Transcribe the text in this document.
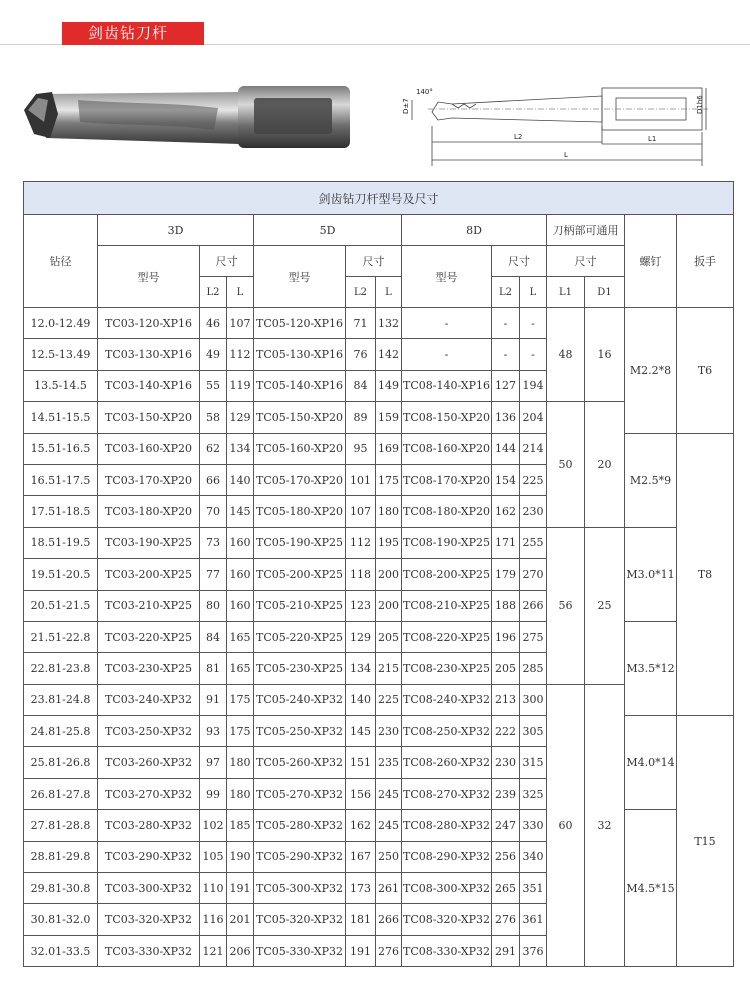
剑齿钻刀杆
D±7
140°
L2	L1
L
D1h6
剑齿钻刀杆型号及尺寸													
钻径	3D			5D			8D			刀柄部可通用		螺钉	扳手
	型号	尺寸		型号	尺寸		型号	尺寸		尺寸			
		L2	L		L2	L		L2	L	L1	D1		
12.0-12.49	TC03-120-XP16	46	107	TC05-120-XP16	71	132	-	-	-	48	16	M2.2*8	T6
12.5-13.49	TC03-130-XP16	49	112	TC05-130-XP16	76	142	-	-	-				
13.5-14.5	TC03-140-XP16	55	119	TC05-140-XP16	84	149	TC08-140-XP16	127	194				
14.51-15.5	TC03-150-XP20	58	129	TC05-150-XP20	89	159	TC08-150-XP20	136	204	50	20		
15.51-16.5	TC03-160-XP20	62	134	TC05-160-XP20	95	169	TC08-160-XP20	144	214			M2.5*9	T8
16.51-17.5	TC03-170-XP20	66	140	TC05-170-XP20	101	175	TC08-170-XP20	154	225				
17.51-18.5	TC03-180-XP20	70	145	TC05-180-XP20	107	180	TC08-180-XP20	162	230				
18.51-19.5	TC03-190-XP25	73	160	TC05-190-XP25	112	195	TC08-190-XP25	171	255	56	25	M3.0*11	
19.51-20.5	TC03-200-XP25	77	160	TC05-200-XP25	118	200	TC08-200-XP25	179	270				
20.51-21.5	TC03-210-XP25	80	160	TC05-210-XP25	123	200	TC08-210-XP25	188	266				
21.51-22.8	TC03-220-XP25	84	165	TC05-220-XP25	129	205	TC08-220-XP25	196	275			M3.5*12	
22.81-23.8	TC03-230-XP25	81	165	TC05-230-XP25	134	215	TC08-230-XP25	205	285				
23.81-24.8	TC03-240-XP32	91	175	TC05-240-XP32	140	225	TC08-240-XP32	213	300	60	32		
24.81-25.8	TC03-250-XP32	93	175	TC05-250-XP32	145	230	TC08-250-XP32	222	305			M4.0*14	T15
25.81-26.8	TC03-260-XP32	97	180	TC05-260-XP32	151	235	TC08-260-XP32	230	315				
26.81-27.8	TC03-270-XP32	99	180	TC05-270-XP32	156	245	TC08-270-XP32	239	325				
27.81-28.8	TC03-280-XP32	102	185	TC05-280-XP32	162	245	TC08-280-XP32	247	330			M4.5*15	
28.81-29.8	TC03-290-XP32	105	190	TC05-290-XP32	167	250	TC08-290-XP32	256	340				
29.81-30.8	TC03-300-XP32	110	191	TC05-300-XP32	173	261	TC08-300-XP32	265	351				
30.81-32.0	TC03-320-XP32	116	201	TC05-320-XP32	181	266	TC08-320-XP32	276	361				
32.01-33.5	TC03-330-XP32	121	206	TC05-330-XP32	191	276	TC08-330-XP32	291	376				
